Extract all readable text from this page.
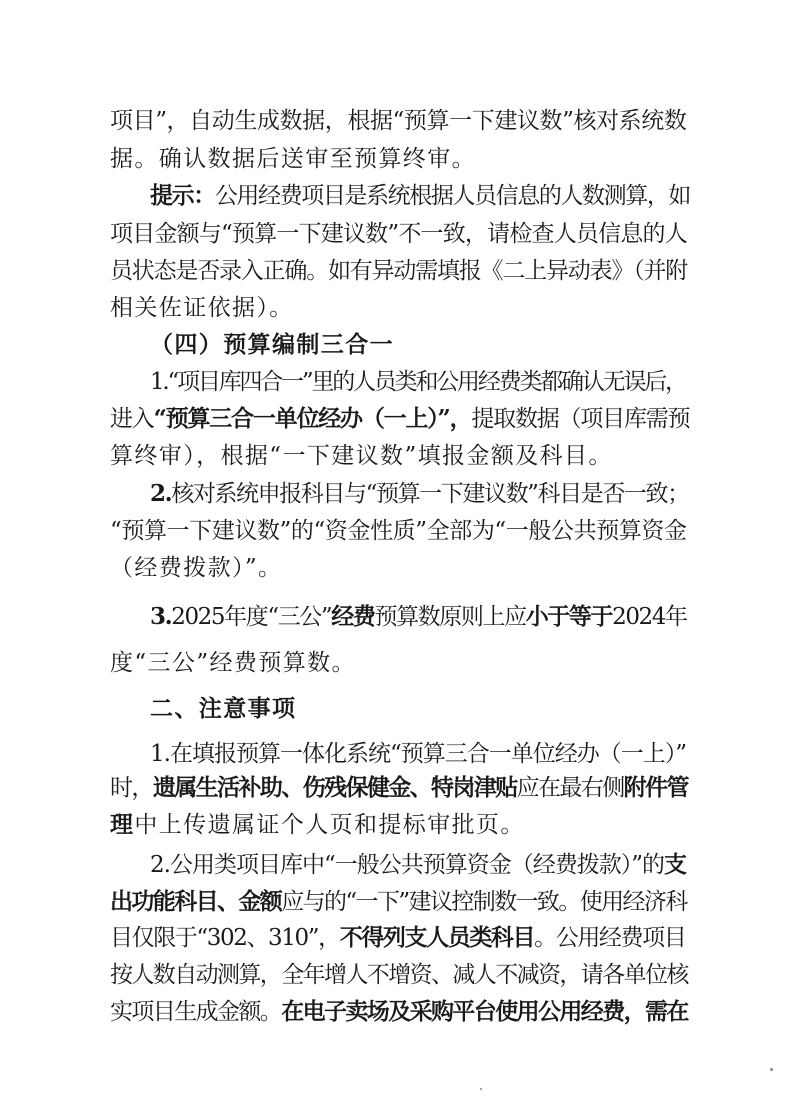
项目”，自动生成数据，根据“预算一下建议数”核对系统数
据。确认数据后送审至预算终审。
提示：公用经费项目是系统根据人员信息的人数测算，如
项目金额与“预算一下建议数”不一致，请检查人员信息的人
员状态是否录入正确。如有异动需填报《二上异动表》（并附
相关佐证依据）。
（四）预算编制三合一
1.“项目库四合一”里的人员类和公用经费类都确认无误后，
进入“预算三合一单位经办（一上）”，提取数据（项目库需预
算终审），根据“一下建议数”填报金额及科目。
2.核对系统申报科目与“预算一下建议数”科目是否一致；
“预算一下建议数”的“资金性质”全部为“一般公共预算资金
（经费拨款）”。
3.2025年度“三公”经费预算数原则上应小于等于2024年
度“三公”经费预算数。
二、注意事项
1.在填报预算一体化系统“预算三合一单位经办（一上）”
时，遗属生活补助、伤残保健金、特岗津贴应在最右侧附件管
理中上传遗属证个人页和提标审批页。
2.公用类项目库中“一般公共预算资金（经费拨款）”的支
出功能科目、金额应与的“一下”建议控制数一致。使用经济科
目仅限于“302、310”，不得列支人员类科目。公用经费项目
按人数自动测算，全年增人不增资、减人不减资，请各单位核
实项目生成金额。在电子卖场及采购平台使用公用经费，需在
